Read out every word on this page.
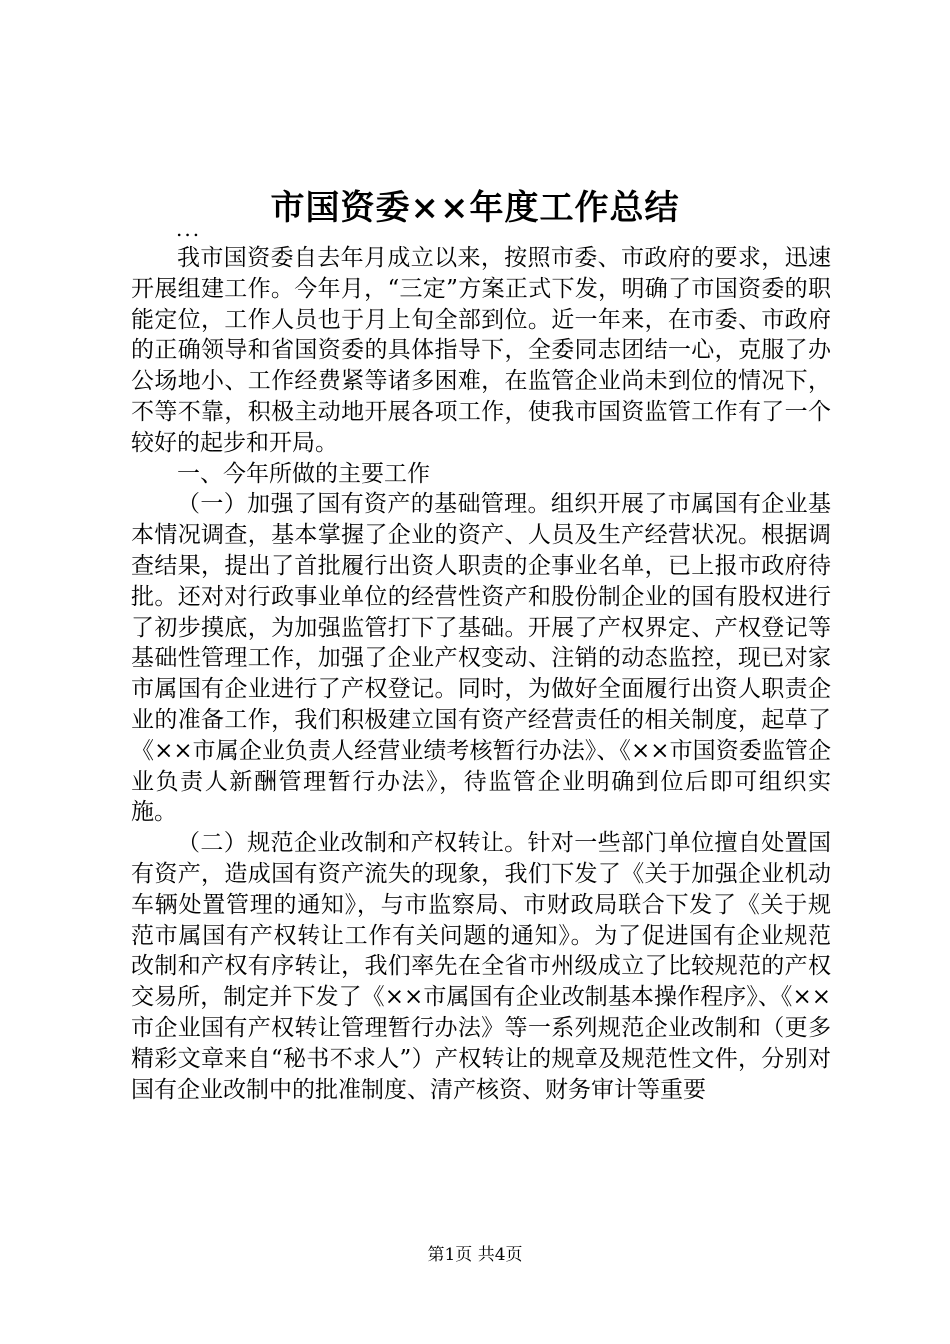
市国资委××年度工作总结
...

我市国资委自去年月成立以来，按照市委、市政府的要求，迅速开展组建工作。今年月，“三定”方案正式下发，明确了市国资委的职能定位，工作人员也于月上旬全部到位。近一年来，在市委、市政府的正确领导和省国资委的具体指导下，全委同志团结一心，克服了办公场地小、工作经费紧等诸多困难，在监管企业尚未到位的情况下，不等不靠，积极主动地开展各项工作，使我市国资监管工作有了一个较好的起步和开局。

一、今年所做的主要工作

（一）加强了国有资产的基础管理。组织开展了市属国有企业基本情况调查，基本掌握了企业的资产、人员及生产经营状况。根据调查结果，提出了首批履行出资人职责的企事业名单，已上报市政府待批。还对对行政事业单位的经营性资产和股份制企业的国有股权进行了初步摸底，为加强监管打下了基础。开展了产权界定、产权登记等基础性管理工作，加强了企业产权变动、注销的动态监控，现已对家市属国有企业进行了产权登记。同时，为做好全面履行出资人职责企业的准备工作，我们积极建立国有资产经营责任的相关制度，起草了《××市属企业负责人经营业绩考核暂行办法》、《××市国资委监管企业负责人新酬管理暂行办法》，待监管企业明确到位后即可组织实施。

（二）规范企业改制和产权转让。针对一些部门单位擅自处置国有资产，造成国有资产流失的现象，我们下发了《关于加强企业机动车辆处置管理的通知》，与市监察局、市财政局联合下发了《关于规范市属国有产权转让工作有关问题的通知》。为了促进国有企业规范改制和产权有序转让，我们率先在全省市州级成立了比较规范的产权交易所，制定并下发了《××市属国有企业改制基本操作程序》、《××市企业国有产权转让管理暂行办法》等一系列规范企业改制和（更多精彩文章来自“秘书不求人”）产权转让的规章及规范性文件，分别对国有企业改制中的批准制度、清产核资、财务审计等重要

第1页 共4页
